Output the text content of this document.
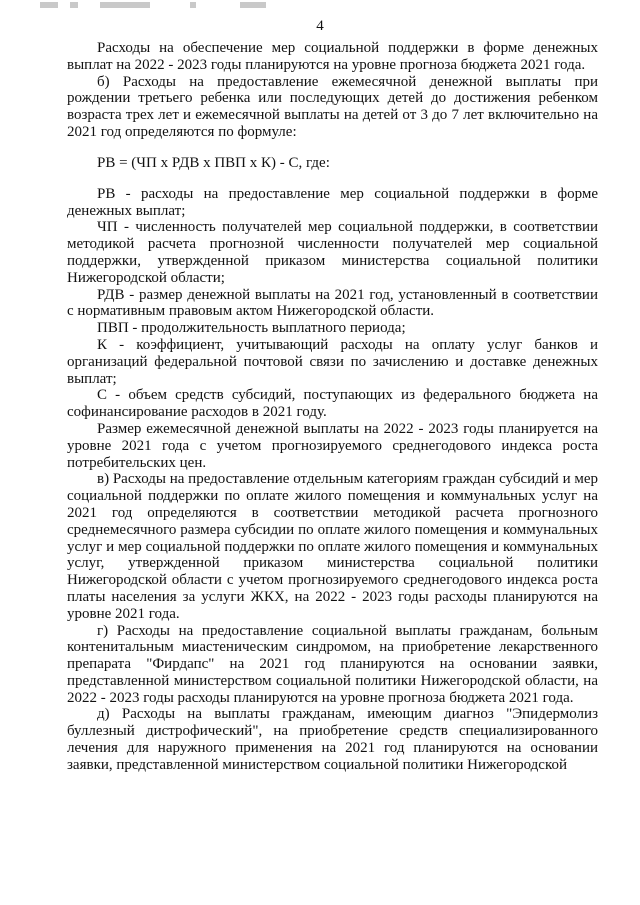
4

Расходы на обеспечение мер социальной поддержки в форме денежных выплат на 2022 - 2023 годы планируются на уровне прогноза бюджета 2021 года.

б) Расходы на предоставление ежемесячной денежной выплаты при рождении третьего ребенка или последующих детей до достижения ребенком возраста трех лет и ежемесячной выплаты на детей от 3 до 7 лет включительно на 2021 год определяются по формуле:

РВ = (ЧП х РДВ х ПВП х К) - С, где:

РВ - расходы на предоставление мер социальной поддержки в форме денежных выплат;

ЧП - численность получателей мер социальной поддержки, в соответствии методикой расчета прогнозной численности получателей мер социальной поддержки, утвержденной приказом министерства социальной политики Нижегородской области;

РДВ - размер денежной выплаты на 2021 год, установленный в соответствии с нормативным правовым актом Нижегородской области.

ПВП - продолжительность выплатного периода;

К - коэффициент, учитывающий расходы на оплату услуг банков и организаций федеральной почтовой связи по зачислению и доставке денежных выплат;

С - объем средств субсидий, поступающих из федерального бюджета на софинансирование расходов в 2021 году.

Размер ежемесячной денежной выплаты на 2022 - 2023 годы планируется на уровне 2021 года с учетом прогнозируемого среднегодового индекса роста потребительских цен.

в) Расходы на предоставление отдельным категориям граждан субсидий и мер социальной поддержки по оплате жилого помещения и коммунальных услуг на 2021 год определяются в соответствии методикой расчета прогнозного среднемесячного размера субсидии по оплате жилого помещения и коммунальных услуг и мер социальной поддержки по оплате жилого помещения и коммунальных услуг, утвержденной приказом министерства социальной политики Нижегородской области с учетом прогнозируемого среднегодового индекса роста платы населения за услуги ЖКХ, на 2022 - 2023 годы расходы планируются на уровне 2021 года.

г) Расходы на предоставление социальной выплаты гражданам, больным контенитальным миастеническим синдромом, на приобретение лекарственного препарата "Фирдапс" на 2021 год планируются на основании заявки, представленной министерством социальной политики Нижегородской области, на 2022 - 2023 годы расходы планируются на уровне прогноза бюджета 2021 года.

д) Расходы на выплаты гражданам, имеющим диагноз "Эпидермолиз буллезный дистрофический", на приобретение средств специализированного лечения для наружного применения на 2021 год планируются на основании заявки, представленной министерством социальной политики Нижегородской
